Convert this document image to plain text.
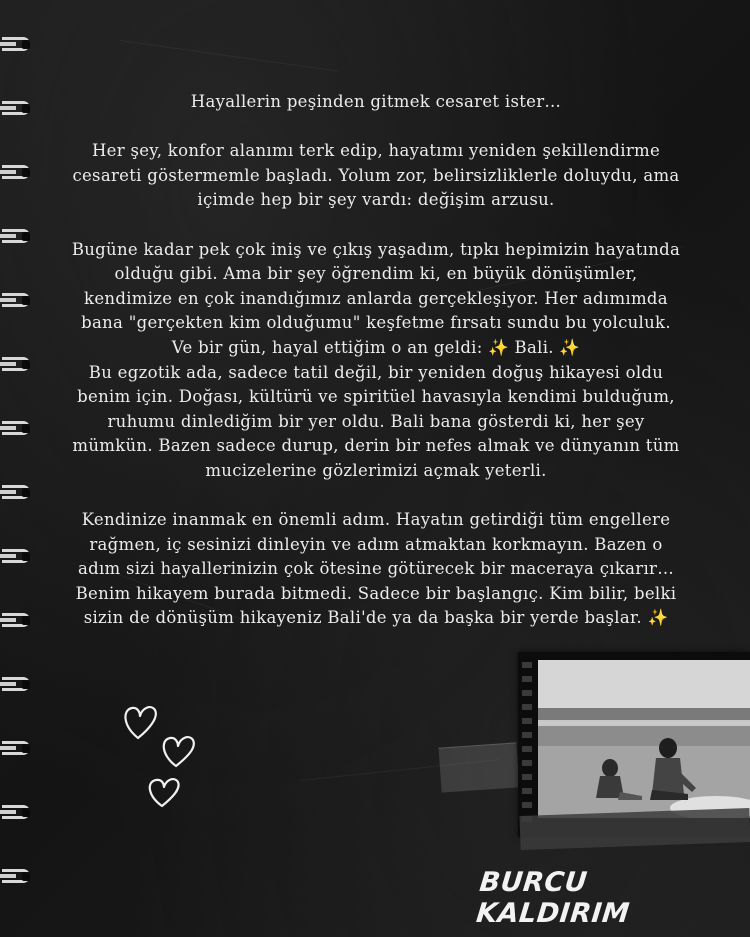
Hayallerin peşinden gitmek cesaret ister…

Her şey, konfor alanımı terk edip, hayatımı yeniden şekillendirme

cesareti göstermemle başladı. Yolum zor, belirsizliklerle doluydu, ama

içimde hep bir şey vardı: değişim arzusu.

Bugüne kadar pek çok iniş ve çıkış yaşadım, tıpkı hepimizin hayatında

olduğu gibi. Ama bir şey öğrendim ki, en büyük dönüşümler,

kendimize en çok inandığımız anlarda gerçekleşiyor. Her adımımda

bana "gerçekten kim olduğumu" keşfetme fırsatı sundu bu yolculuk.

Ve bir gün, hayal ettiğim o an geldi: ✨ Bali. ✨

Bu egzotik ada, sadece tatil değil, bir yeniden doğuş hikayesi oldu

benim için. Doğası, kültürü ve spiritüel havasıyla kendimi bulduğum,

ruhumu dinlediğim bir yer oldu. Bali bana gösterdi ki, her şey

mümkün. Bazen sadece durup, derin bir nefes almak ve dünyanın tüm

mucizelerine gözlerimizi açmak yeterli.

Kendinize inanmak en önemli adım. Hayatın getirdiği tüm engellere

rağmen, iç sesinizi dinleyin ve adım atmaktan korkmayın. Bazen o

adım sizi hayallerinizin çok ötesine götürecek bir maceraya çıkarır…

Benim hikayem burada bitmedi. Sadece bir başlangıç. Kim bilir, belki

sizin de dönüşüm hikayeniz Bali'de ya da başka bir yerde başlar. ✨

BURCU KALDIRIM
